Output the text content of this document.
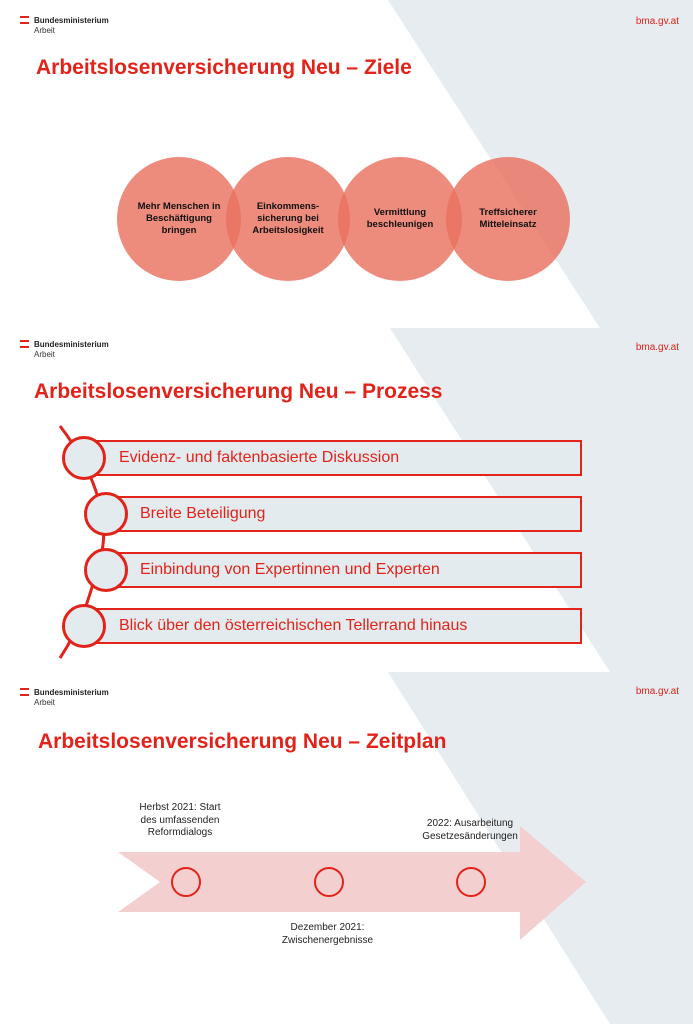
Bundesministerium
Arbeit
bma.gv.at
Arbeitslosenversicherung Neu – Ziele
Mehr Menschen in Beschäftigung bringen
Einkommens-sicherung bei Arbeitslosigkeit
Vermittlung beschleunigen
Treffsicherer Mitteleinsatz
Bundesministerium
Arbeit
bma.gv.at
Arbeitslosenversicherung Neu – Prozess
Evidenz- und faktenbasierte Diskussion
Breite Beteiligung
Einbindung von Expertinnen und Experten
Blick über den österreichischen Tellerrand hinaus
Bundesministerium
Arbeit
bma.gv.at
Arbeitslosenversicherung Neu – Zeitplan
Herbst 2021: Start des umfassenden Reformdialogs
2022: Ausarbeitung Gesetzesänderungen
Dezember 2021: Zwischenergebnisse
